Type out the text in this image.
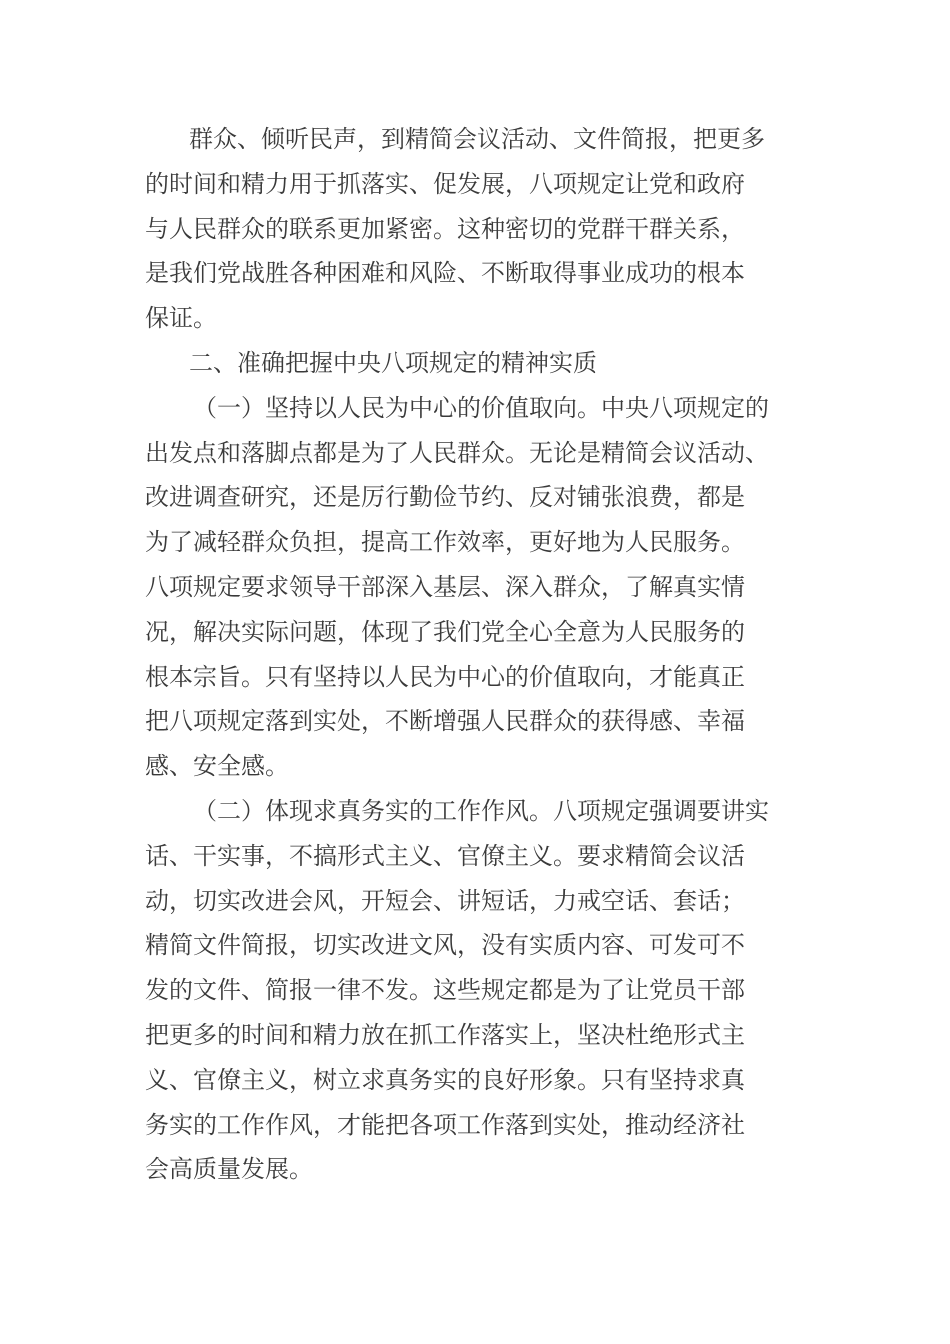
群众、倾听民声，到精简会议活动、文件简报，把更多
的时间和精力用于抓落实、促发展，八项规定让党和政府
与人民群众的联系更加紧密。这种密切的党群干群关系，
是我们党战胜各种困难和风险、不断取得事业成功的根本
保证。
二、准确把握中央八项规定的精神实质
（一）坚持以人民为中心的价值取向。中央八项规定的
出发点和落脚点都是为了人民群众。无论是精简会议活动、
改进调查研究，还是厉行勤俭节约、反对铺张浪费，都是
为了减轻群众负担，提高工作效率，更好地为人民服务。
八项规定要求领导干部深入基层、深入群众，了解真实情
况，解决实际问题，体现了我们党全心全意为人民服务的
根本宗旨。只有坚持以人民为中心的价值取向，才能真正
把八项规定落到实处，不断增强人民群众的获得感、幸福
感、安全感。
（二）体现求真务实的工作作风。八项规定强调要讲实
话、干实事，不搞形式主义、官僚主义。要求精简会议活
动，切实改进会风，开短会、讲短话，力戒空话、套话；
精简文件简报，切实改进文风，没有实质内容、可发可不
发的文件、简报一律不发。这些规定都是为了让党员干部
把更多的时间和精力放在抓工作落实上，坚决杜绝形式主
义、官僚主义，树立求真务实的良好形象。只有坚持求真
务实的工作作风，才能把各项工作落到实处，推动经济社
会高质量发展。
